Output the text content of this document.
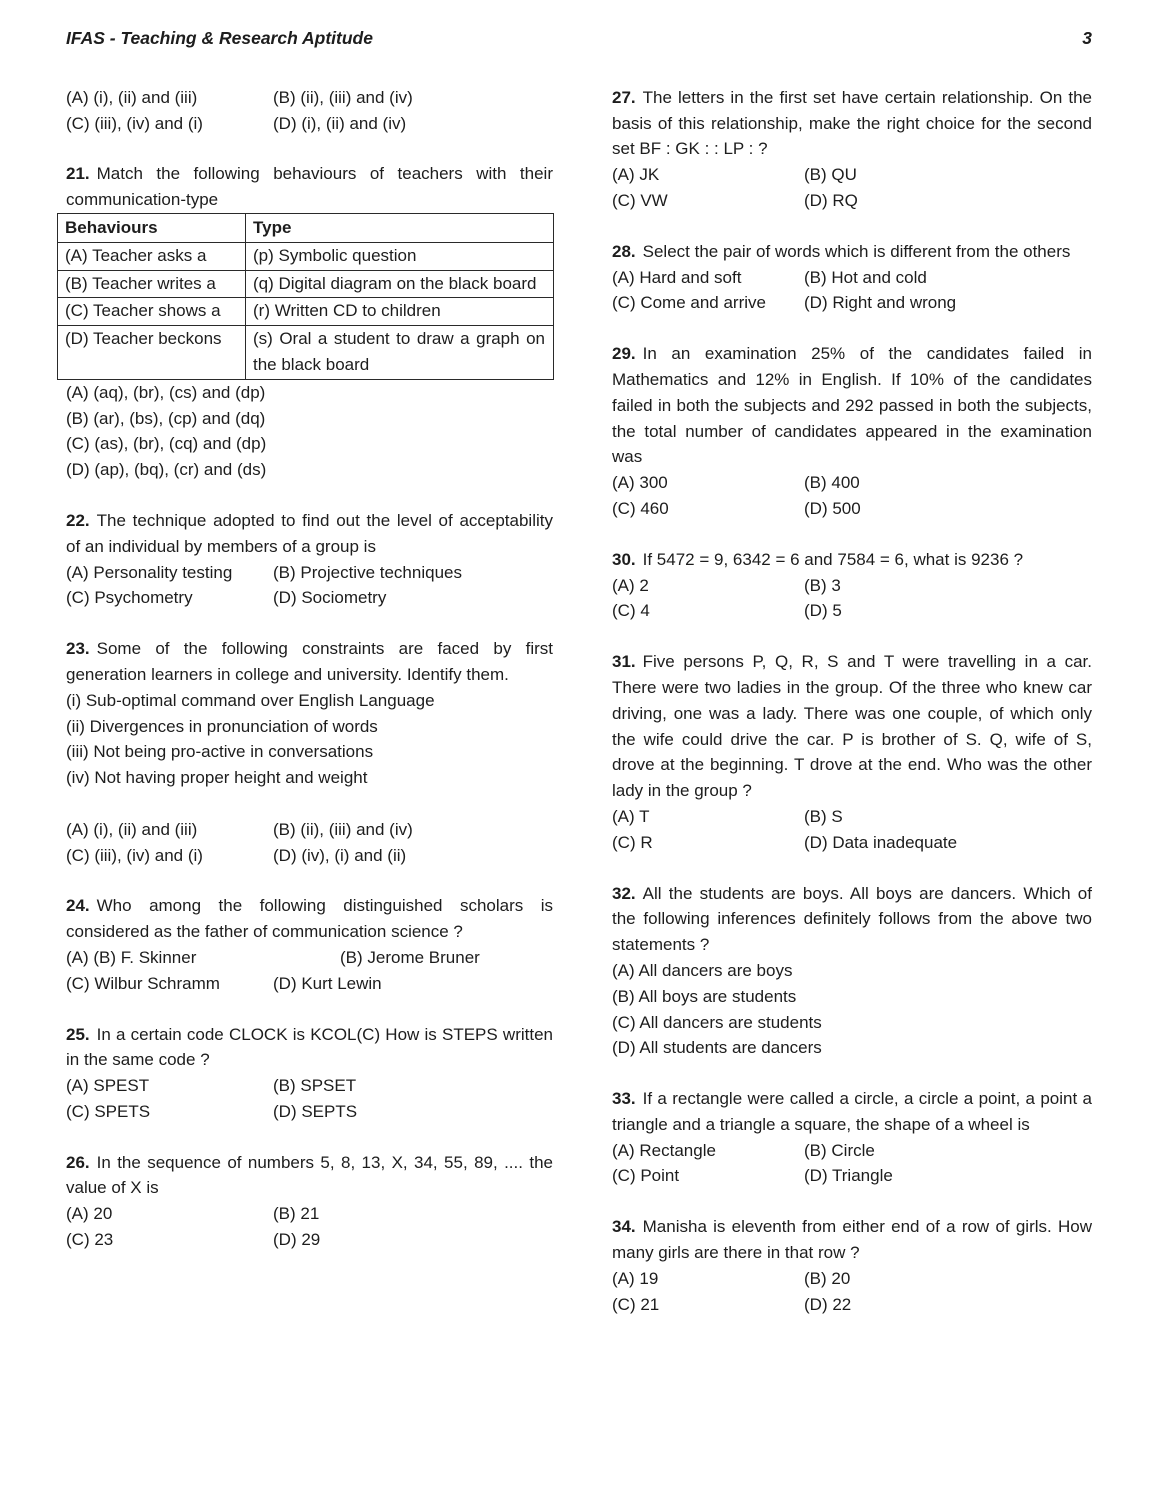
IFAS - Teaching & Research Aptitude	3
(A) (i), (ii) and (iii)	(B) (ii), (iii) and (iv)
(C) (iii), (iv) and (i)	(D) (i), (ii) and (iv)

21. Match the following behaviours of teachers with their communication-type

Behaviours	Type
(A) Teacher asks a	(p) Symbolic question
(B) Teacher writes a	(q) Digital diagram on the black board
(C) Teacher shows a	(r) Written CD to children
(D) Teacher beckons	(s) Oral a student to draw a graph on the black board

(A) (aq), (br), (cs) and (dp)

(B) (ar), (bs), (cp) and (dq)

(C) (as), (br), (cq) and (dp)

(D) (ap), (bq), (cr) and (ds)

22. The technique adopted to find out the level of acceptability of an individual by members of a group is

(A) Personality testing	(B) Projective techniques
(C) Psychometry	(D) Sociometry

23. Some of the following constraints are faced by first generation learners in college and university. Identify them.

(i) Sub-optimal command over English Language

(ii) Divergences in pronunciation of words

(iii) Not being pro-active in conversations

(iv) Not having proper height and weight

(A) (i), (ii) and (iii)	(B) (ii), (iii) and (iv)
(C) (iii), (iv) and (i)	(D) (iv), (i) and (ii)

24. Who among the following distinguished scholars is considered as the father of communication science ?

(A) (B) F. Skinner	(B) Jerome Bruner
(C) Wilbur Schramm	(D) Kurt Lewin

25. In a certain code CLOCK is KCOL(C) How is STEPS written in the same code ?

(A) SPEST	(B) SPSET
(C) SPETS	(D) SEPTS

26. In the sequence of numbers 5, 8, 13, X, 34, 55, 89, .... the value of X is

(A) 20	(B) 21
(C) 23	(D) 29

27. The letters in the first set have certain relationship. On the basis of this relationship, make the right choice for the second set BF : GK : : LP : ?

(A) JK	(B) QU
(C) VW	(D) RQ

28. Select the pair of words which is different from the others

(A) Hard and soft	(B) Hot and cold
(C) Come and arrive	(D) Right and wrong

29. In an examination 25% of the candidates failed in Mathematics and 12% in English. If 10% of the candidates failed in both the subjects and 292 passed in both the subjects, the total number of candidates appeared in the examination was

(A) 300	(B) 400
(C) 460	(D) 500

30. If 5472 = 9, 6342 = 6 and 7584 = 6, what is 9236 ?

(A) 2	(B) 3
(C) 4	(D) 5

31. Five persons P, Q, R, S and T were travelling in a car. There were two ladies in the group. Of the three who knew car driving, one was a lady. There was one couple, of which only the wife could drive the car. P is brother of S. Q, wife of S, drove at the beginning. T drove at the end. Who was the other lady in the group ?

(A) T	(B) S
(C) R	(D) Data inadequate

32. All the students are boys. All boys are dancers. Which of the following inferences definitely follows from the above two statements ?

(A) All dancers are boys

(B) All boys are students

(C) All dancers are students

(D) All students are dancers

33. If a rectangle were called a circle, a circle a point, a point a triangle and a triangle a square, the shape of a wheel is

(A) Rectangle	(B) Circle
(C) Point	(D) Triangle

34. Manisha is eleventh from either end of a row of girls. How many girls are there in that row ?

(A) 19	(B) 20
(C) 21	(D) 22
